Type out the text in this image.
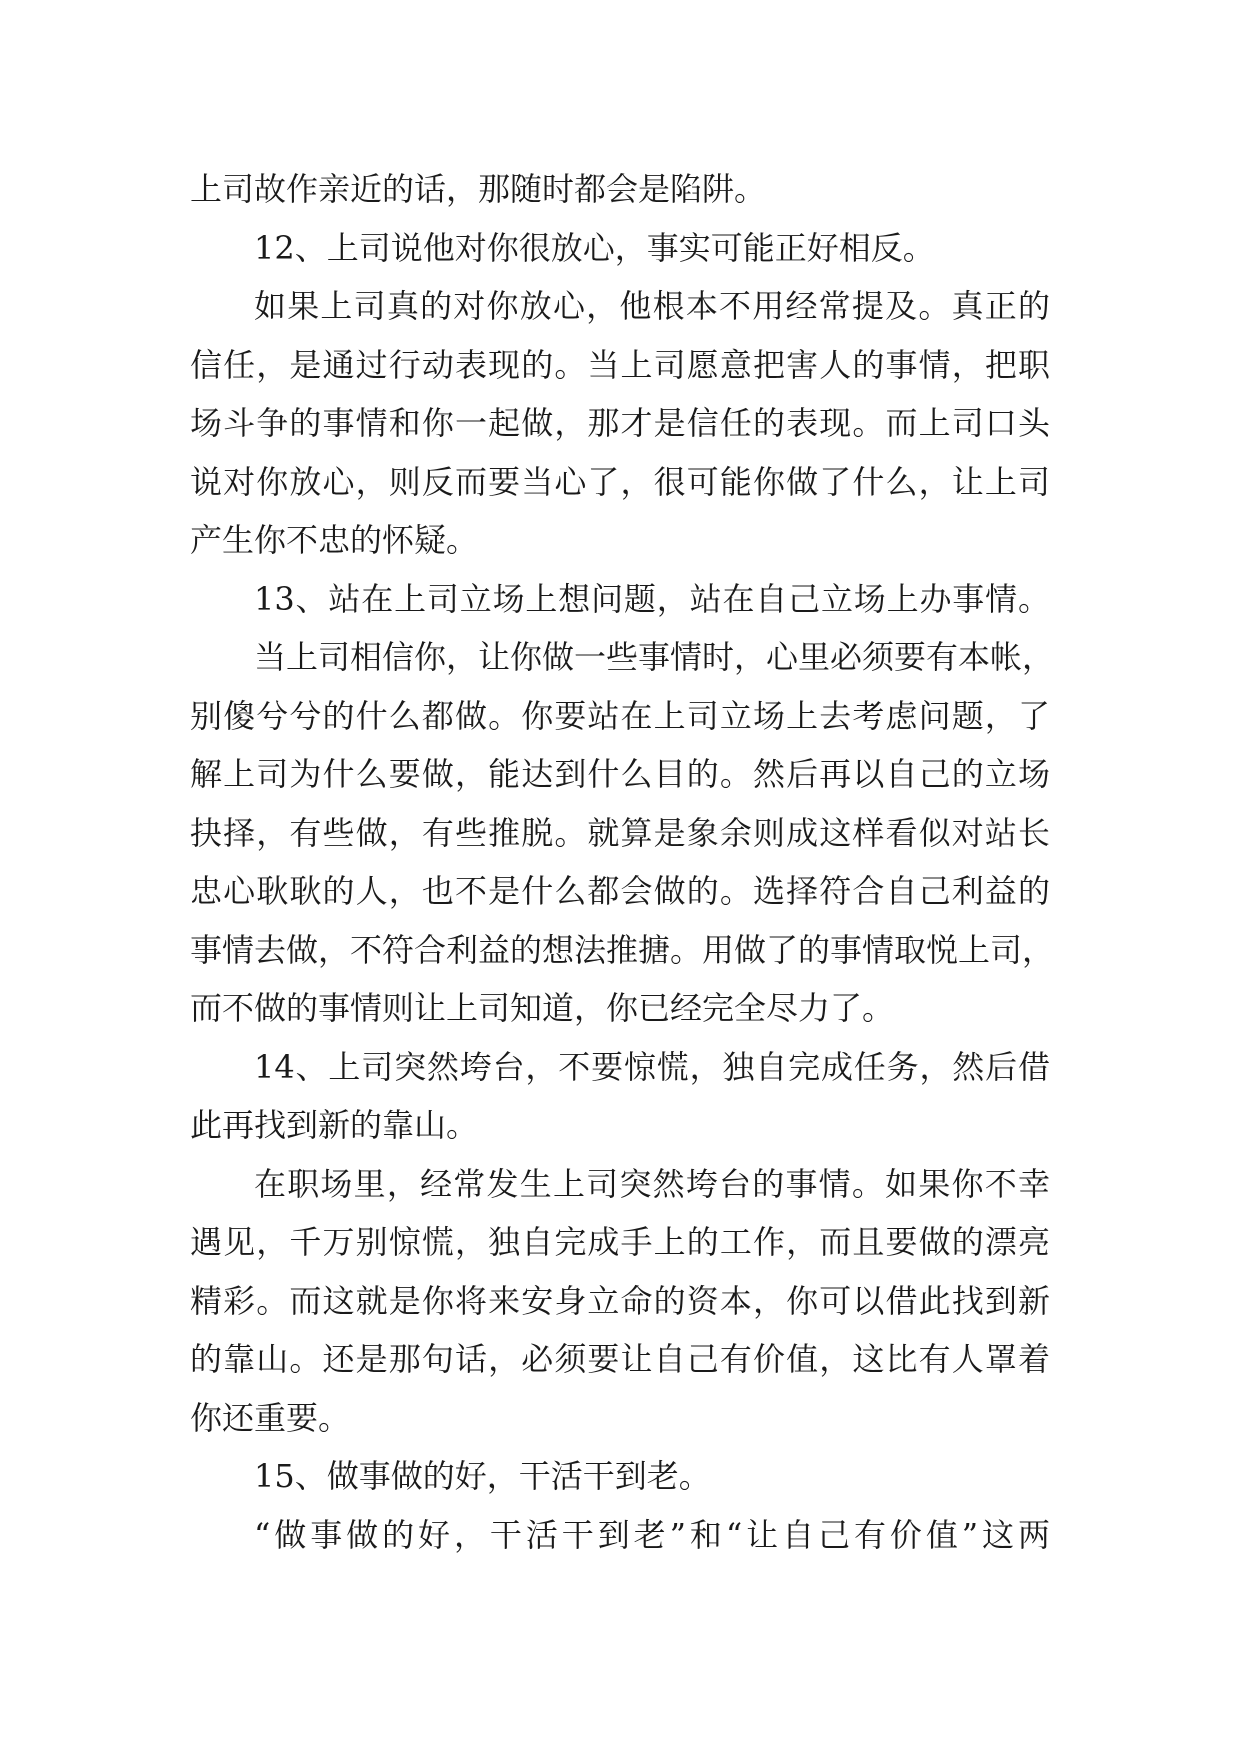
上司故作亲近的话，那随时都会是陷阱。
12、上司说他对你很放心，事实可能正好相反。
如果上司真的对你放心，他根本不用经常提及。真正的
信任，是通过行动表现的。当上司愿意把害人的事情，把职
场斗争的事情和你一起做，那才是信任的表现。而上司口头
说对你放心，则反而要当心了，很可能你做了什么，让上司
产生你不忠的怀疑。
13、站在上司立场上想问题，站在自己立场上办事情。
当上司相信你，让你做一些事情时，心里必须要有本帐，
别傻兮兮的什么都做。你要站在上司立场上去考虑问题，了
解上司为什么要做，能达到什么目的。然后再以自己的立场
抉择，有些做，有些推脱。就算是象余则成这样看似对站长
忠心耿耿的人，也不是什么都会做的。选择符合自己利益的
事情去做，不符合利益的想法推搪。用做了的事情取悦上司，
而不做的事情则让上司知道，你已经完全尽力了。
14、上司突然垮台，不要惊慌，独自完成任务，然后借
此再找到新的靠山。
在职场里，经常发生上司突然垮台的事情。如果你不幸
遇见，千万别惊慌，独自完成手上的工作，而且要做的漂亮
精彩。而这就是你将来安身立命的资本，你可以借此找到新
的靠山。还是那句话，必须要让自己有价值，这比有人罩着
你还重要。
15、做事做的好，干活干到老。
“做事做的好，干活干到老”和“让自己有价值”这两
